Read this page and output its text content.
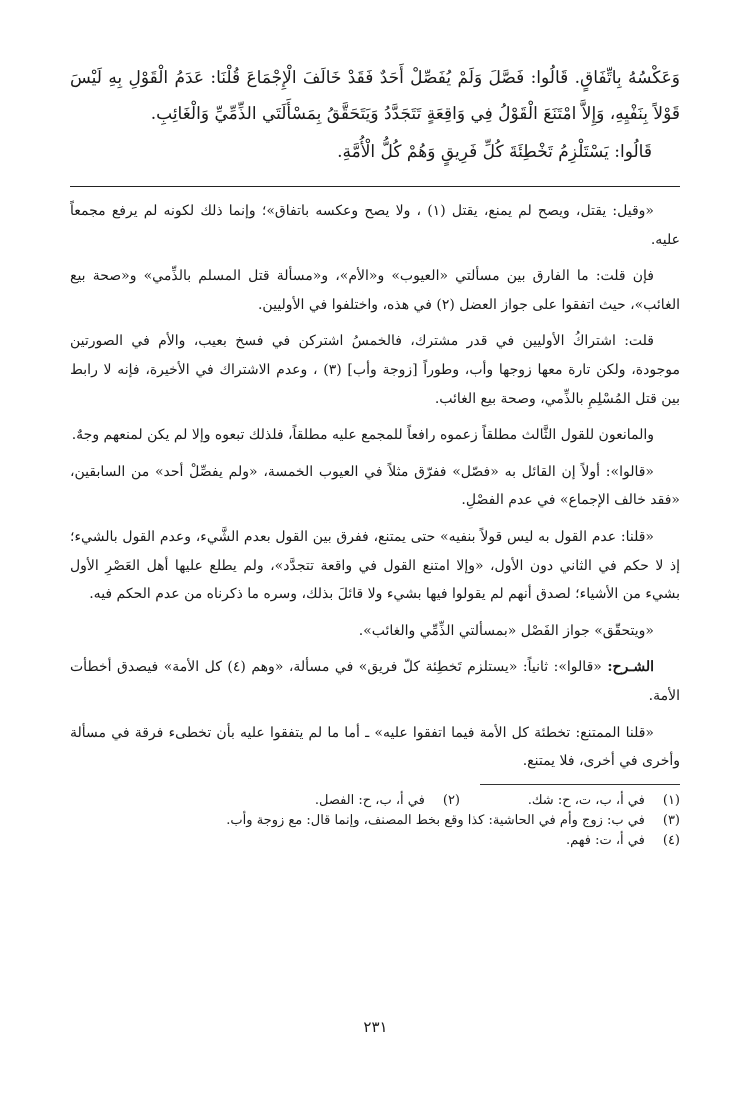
وَعَكْسُهُ بِاتِّفَاقٍ. قَالُوا: فَصَّلَ وَلَمْ يُفَصِّلْ أَحَدٌ فَقَدْ خَالَفَ الْإِجْمَاعَ قُلْنَا: عَدَمُ الْقَوْلِ بِهِ لَيْسَ قَوْلاً بِنَفْيِهِ، وَإِلاَّ امْتَنَعَ الْقَوْلُ فِي وَاقِعَةٍ تَتَجَدَّدُ وَيَتَحَقَّقُ بِمَسْأَلَتَي الذِّمِّيِّ وَالْغَائِبِ.

قَالُوا: يَسْتَلْزِمُ تَخْطِئَةَ كُلِّ فَرِيقٍ وَهُمْ كُلُّ الْأُمَّةِ.

«وقيل: يقتل، ويصح لم يمنع، يقتل (١) ، ولا يصح وعكسه باتفاق»؛ وإنما ذلك لكونه لم يرفع مجمعاً عليه.

فإن قلت: ما الفارق بين مسألتي «العيوب» و«الأم»، و«مسألة قتل المسلم بالذِّمي» و«صحة بيع الغائب»، حيث اتفقوا على جواز العضل (٢) في هذه، واختلفوا في الأوليين.

قلت: اشتراكُ الأوليين في قدر مشترك، فالخمسُ اشتركن في فسخ بعيب، والأم في الصورتين موجودة، ولكن تارة معها زوجها وأب، وطوراً [زوجة وأب] (٣) ، وعدم الاشتراك في الأخيرة، فإنه لا رابط بين قتل المُسْلِمِ بالذِّمي، وصحة بيع الغائب.

والمانعون للقول الثَّالث مطلقاً زعموه رافعاً للمجمع عليه مطلقاً، فلذلك تبعوه وإلا لم يكن لمنعهم وجهٌ.

«قالوا»: أولاً إن القائل به «فصّل» ففرّق مثلاً في العيوب الخمسة، «ولم يفصِّلْ أحد» من السابقين، «فقد خالف الإجماع» في عدم الفصْلِ.

«قلنا: عدم القول به ليس قولاً بنفيه» حتى يمتنع، ففرق بين القول بعدم الشَّيء، وعدم القول بالشيء؛ إذ لا حكم في الثاني دون الأول، «وإلا امتنع القول في واقعة تتجدَّد»، ولم يطلع عليها أهل العَصْرِ الأول بشيء من الأشياء؛ لصدق أنهم لم يقولوا فيها بشيء ولا قائلَ بذلك، وسره ما ذكرناه من عدم الحكم فيه.

«ويتحقّق» جواز الفَصْل «بمسألتي الذِّمِّي والغائب».

الشـرح: «قالوا»: ثانياً: «يستلزم تَخطِئة كلّ فريق» في مسألة، «وهم (٤) كل الأمة» فيصدق أخطأت الأمة.

«قلنا الممتنع: تخطئة كل الأمة فيما اتفقوا عليه» ـ أما ما لم يتفقوا عليه بأن تخطىء فرقة في مسألة وأخرى في أخرى، فلا يمتنع.

(١)في أ، ب، ت، ح: شك.
(٢)في أ، ب، ح: الفصل.
(٣)في ب: زوج وأم في الحاشية: كذا وقع بخط المصنف، وإنما قال: مع زوجة وأب.
(٤)في أ، ت: فهم.
٢٣١
